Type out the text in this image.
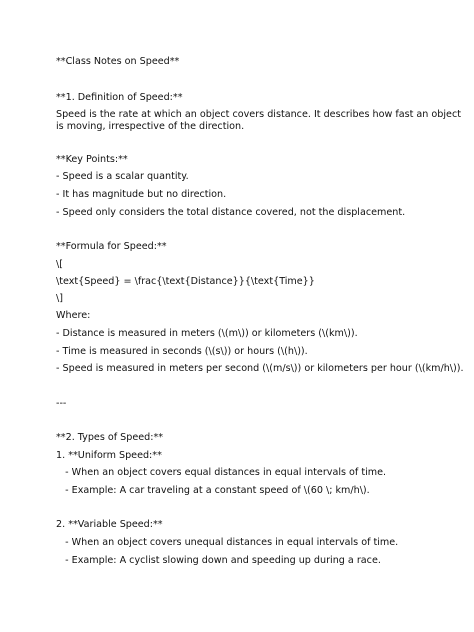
**Class Notes on Speed**
**1. Definition of Speed:**
Speed is the rate at which an object covers distance. It describes how fast an object
is moving, irrespective of the direction.
**Key Points:**
- Speed is a scalar quantity.
- It has magnitude but no direction.
- Speed only considers the total distance covered, not the displacement.
**Formula for Speed:**
\[
\text{Speed} = \frac{\text{Distance}}{\text{Time}}
\]
Where:
- Distance is measured in meters (\(m\)) or kilometers (\(km\)).
- Time is measured in seconds (\(s\)) or hours (\(h\)).
- Speed is measured in meters per second (\(m/s\)) or kilometers per hour (\(km/h\)).
---
**2. Types of Speed:**
1. **Uniform Speed:**
- When an object covers equal distances in equal intervals of time.
- Example: A car traveling at a constant speed of \(60 \; km/h\).
2. **Variable Speed:**
- When an object covers unequal distances in equal intervals of time.
- Example: A cyclist slowing down and speeding up during a race.
